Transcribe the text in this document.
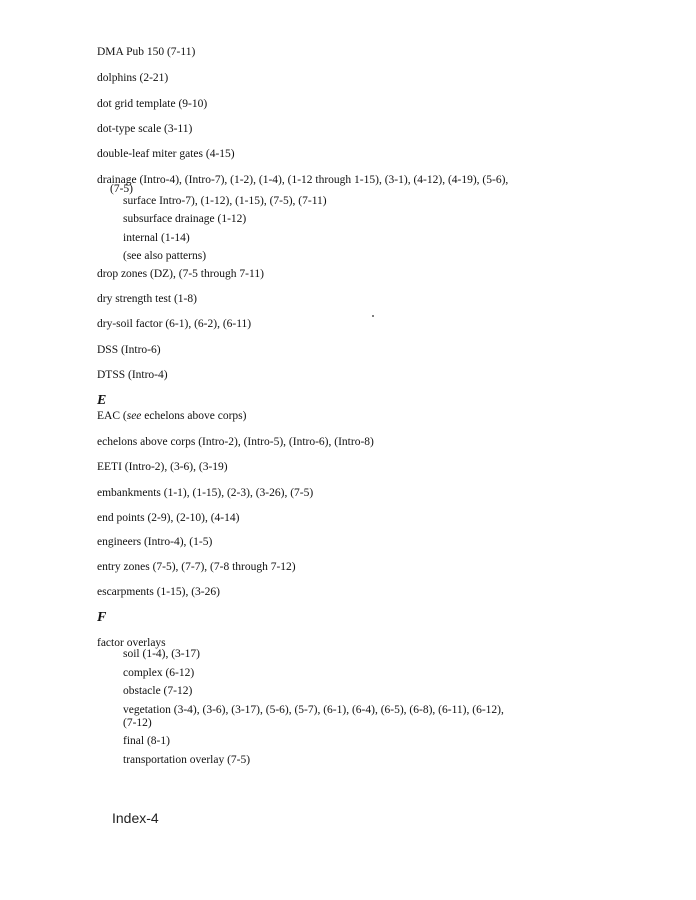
DMA Pub 150 (7-11)
dolphins (2-21)
dot grid template (9-10)
dot-type scale (3-11)
double-leaf miter gates (4-15)
drainage (Intro-4), (Intro-7), (1-2), (1-4), (1-12 through 1-15), (3-1), (4-12), (4-19), (5-6),
(7-5)
surface Intro-7), (1-12), (1-15), (7-5), (7-11)
subsurface drainage (1-12)
internal (1-14)
(see also patterns)
drop zones (DZ), (7-5 through 7-11)
dry strength test (1-8)
dry-soil factor (6-1), (6-2), (6-11)
DSS (Intro-6)
DTSS (Intro-4)
E
EAC (see echelons above corps)
echelons above corps (Intro-2), (Intro-5), (Intro-6), (Intro-8)
EETI (Intro-2), (3-6), (3-19)
embankments (1-1), (1-15), (2-3), (3-26), (7-5)
end points (2-9), (2-10), (4-14)
engineers (Intro-4), (1-5)
entry zones (7-5), (7-7), (7-8 through 7-12)
escarpments (1-15), (3-26)
F
factor overlays
soil (1-4), (3-17)
complex (6-12)
obstacle (7-12)
vegetation (3-4), (3-6), (3-17), (5-6), (5-7), (6-1), (6-4), (6-5), (6-8), (6-11), (6-12),
(7-12)
final (8-1)
transportation overlay (7-5)
Index-4
